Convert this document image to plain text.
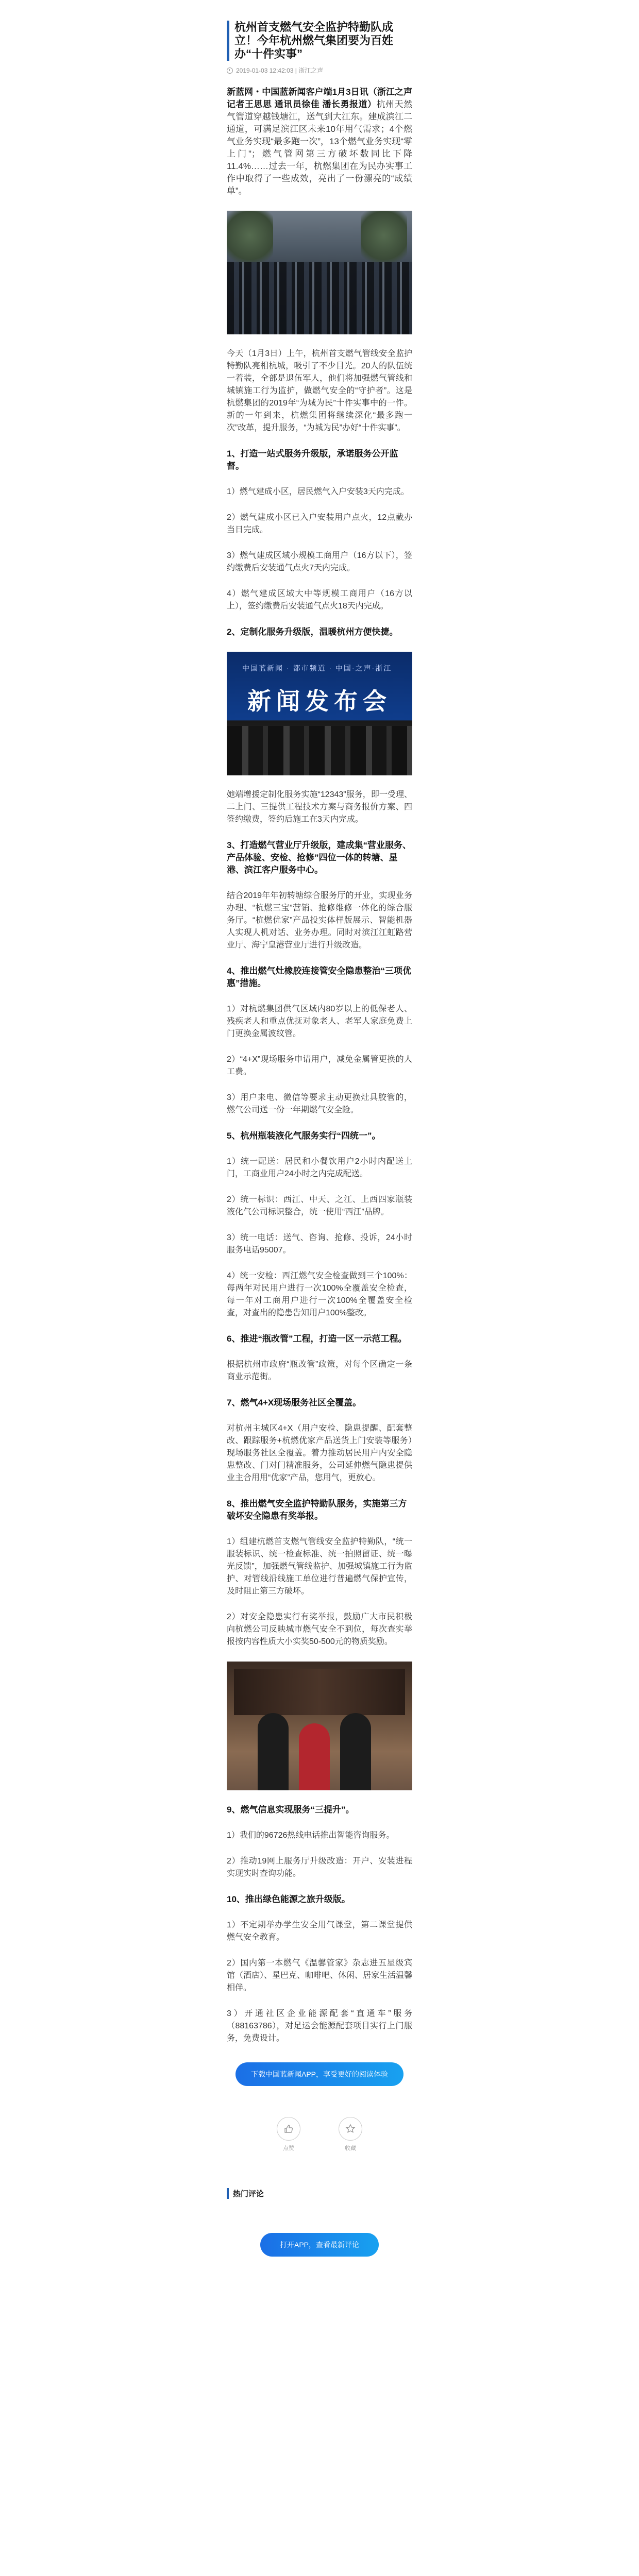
杭州首支燃气安全监护特勤队成立！今年杭州燃气集团要为百姓办“十件实事”
2019-01-03 12:42:03 | 浙江之声

新蓝网・中国蓝新闻客户端1月3日讯（浙江之声记者王思思 通讯员徐佳 潘长勇报道）杭州天然气管道穿越钱塘江，送气到大江东。建成滨江二通道，可满足滨江区未来10年用气需求；4个燃气业务实现“最多跑一次”，13个燃气业务实现“零上门”；燃气管网第三方破坏数同比下降11.4%……过去一年，杭燃集团在为民办实事工作中取得了一些成效，亮出了一份漂亮的“成绩单”。

今天（1月3日）上午，杭州首支燃气管线安全监护特勤队亮相杭城，吸引了不少目光。20人的队伍统一着装，全部是退伍军人，他们将加强燃气管线和城镇施工行为监护，做燃气安全的“守护者”。这是杭燃集团的2019年“为城为民”十件实事中的一件。新的一年到来，杭燃集团将继续深化“最多跑一次”改革，提升服务，“为城为民”办好“十件实事”。

1、打造一站式服务升级版，承诺服务公开监督。

1）燃气建成小区，居民燃气入户安装3天内完成。

2）燃气建成小区已入户安装用户点火，12点截办当日完成。

3）燃气建成区域小规模工商用户（16方以下），签约缴费后安装通气点火7天内完成。

4）燃气建成区域大中等规模工商用户（16方以上），签约缴费后安装通气点火18天内完成。

2、定制化服务升级版，温暖杭州方便快捷。
中国蓝新闻 · 都市频道 · 中国·之声·浙江
新闻发布会

她端增援定制化服务实施“12343”服务，即一受理、二上门、三提供工程技术方案与商务报价方案、四签约缴费，签约后施工在3天内完成。

3、打造燃气营业厅升级版，建成集“营业服务、产品体验、安检、抢修”四位一体的转塘、星港、滨江客户服务中心。

结合2019年年初转塘综合服务厅的开业，实现业务办理、“杭燃三宝”营销、抢修维修一体化的综合服务厅。“杭燃优家”产品投实体样版展示、智能机器人实现人机对话、业务办理。同时对滨江江虹路营业厅、海宁皇港营业厅进行升级改造。

4、推出燃气灶橡胶连接管安全隐患整治“三项优惠”措施。

1）对杭燃集团供气区域内80岁以上的低保老人、残疾老人和重点优抚对象老人、老军人家庭免费上门更换金属波纹管。

2）“4+X”现场服务申请用户，减免金属管更换的人工费。

3）用户来电、微信等要求主动更换灶具胶管的，燃气公司送一份一年期燃气安全险。

5、杭州瓶装液化气服务实行“四统一”。

1）统一配送：居民和小餐饮用户2小时内配送上门，工商业用户24小时之内完成配送。

2）统一标识：西江、中天、之江、上西四家瓶装液化气公司标识整合，统一使用“西江”品牌。

3）统一电话：送气、咨询、抢修、投诉，24小时服务电话95007。

4）统一安检：西江燃气安全检查做到三个100%：每两年对民用户进行一次100%全覆盖安全检查，每一年对工商用户进行一次100%全覆盖安全检查，对查出的隐患告知用户100%整改。

6、推进“瓶改管”工程，打造一区一示范工程。

根据杭州市政府“瓶改管”政策，对每个区确定一条商业示范街。

7、燃气4+X现场服务社区全覆盖。

对杭州主城区4+X（用户安检、隐患提醒、配套整改、跟踪服务+杭燃优家产品送货上门安装等服务）现场服务社区全覆盖。着力推动居民用户内安全隐患整改、门对门精准服务，公司延伸燃气隐患提供业主合用用“优家”产品，您用气，更放心。

8、推出燃气安全监护特勤队服务，实施第三方破坏安全隐患有奖举报。

1）组建杭燃首支燃气管线安全监护特勤队，“统一服装标识、统一检查标准、统一拍照留证、统一曝光反馈”，加强燃气管线监护、加强城镇施工行为监护、对管线沿线施工单位进行普遍燃气保护宣传，及时阻止第三方破坏。

2）对安全隐患实行有奖举报，鼓励广大市民积极向杭燃公司反映城市燃气安全不到位，每次查实举报按内容性质大小实奖50-500元的物质奖励。

9、燃气信息实现服务“三提升”。

1）我们的96726热线电话推出智能咨询服务。

2）推动19网上服务厅升级改造：开户、安装进程实现实时查询功能。

10、推出绿色能源之旅升级版。

1）不定期举办学生安全用气课堂，第二课堂提供燃气安全教育。

2）国内第一本燃气《温馨管家》杂志进五星级宾馆（酒店）、星巴克、咖啡吧、休闲、居家生活温馨相伴。

3）开通社区企业能源配套“直通车”服务（88163786），对足运会能源配套项目实行上门服务，免费设计。

下载中国蓝新闻APP，享受更好的阅读体验
点赞	收藏
热门评论
打开APP，查看最新评论
